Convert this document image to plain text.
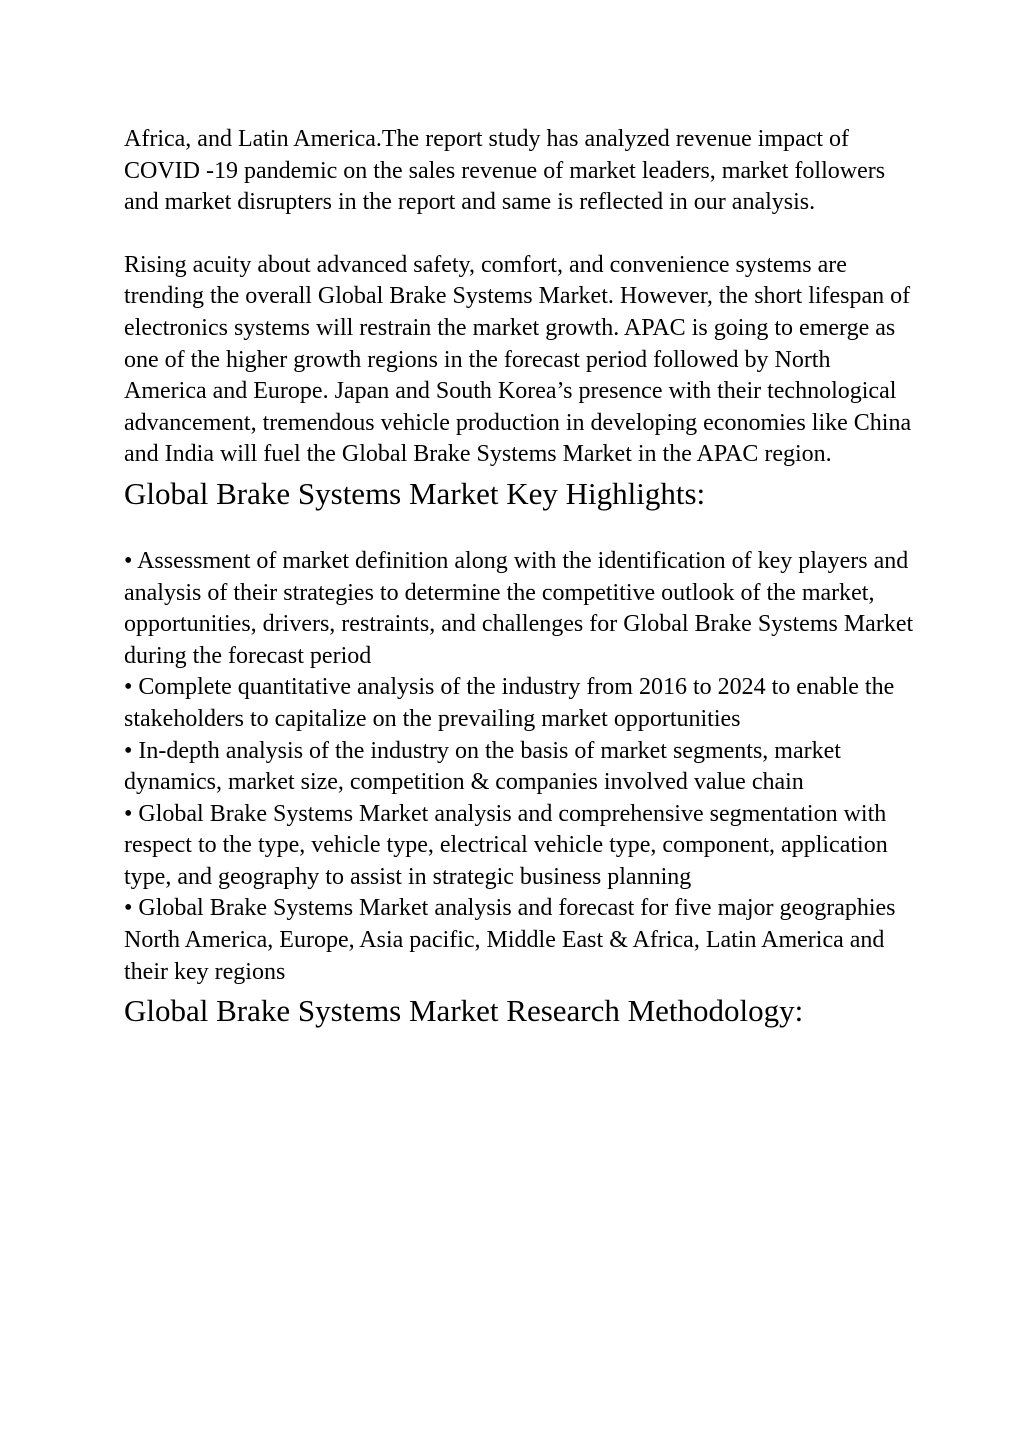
Africa, and Latin America.The report study has analyzed revenue impact of COVID -19 pandemic on the sales revenue of market leaders, market followers and market disrupters in the report and same is reflected in our analysis.

Rising acuity about advanced safety, comfort, and convenience systems are trending the overall Global Brake Systems Market. However, the short lifespan of electronics systems will restrain the market growth. APAC is going to emerge as one of the higher growth regions in the forecast period followed by North America and Europe. Japan and South Korea’s presence with their technological advancement, tremendous vehicle production in developing economies like China and India will fuel the Global Brake Systems Market in the APAC region.

Global Brake Systems Market Key Highlights:
• Assessment of market definition along with the identification of key players and analysis of their strategies to determine the competitive outlook of the market, opportunities, drivers, restraints, and challenges for Global Brake Systems Market during the forecast period
• Complete quantitative analysis of the industry from 2016 to 2024 to enable the stakeholders to capitalize on the prevailing market opportunities
• In-depth analysis of the industry on the basis of market segments, market dynamics, market size, competition & companies involved value chain
• Global Brake Systems Market analysis and comprehensive segmentation with respect to the type, vehicle type, electrical vehicle type, component, application type, and geography to assist in strategic business planning
• Global Brake Systems Market analysis and forecast for five major geographies North America, Europe, Asia pacific, Middle East & Africa, Latin America and their key regions
Global Brake Systems Market Research Methodology:
